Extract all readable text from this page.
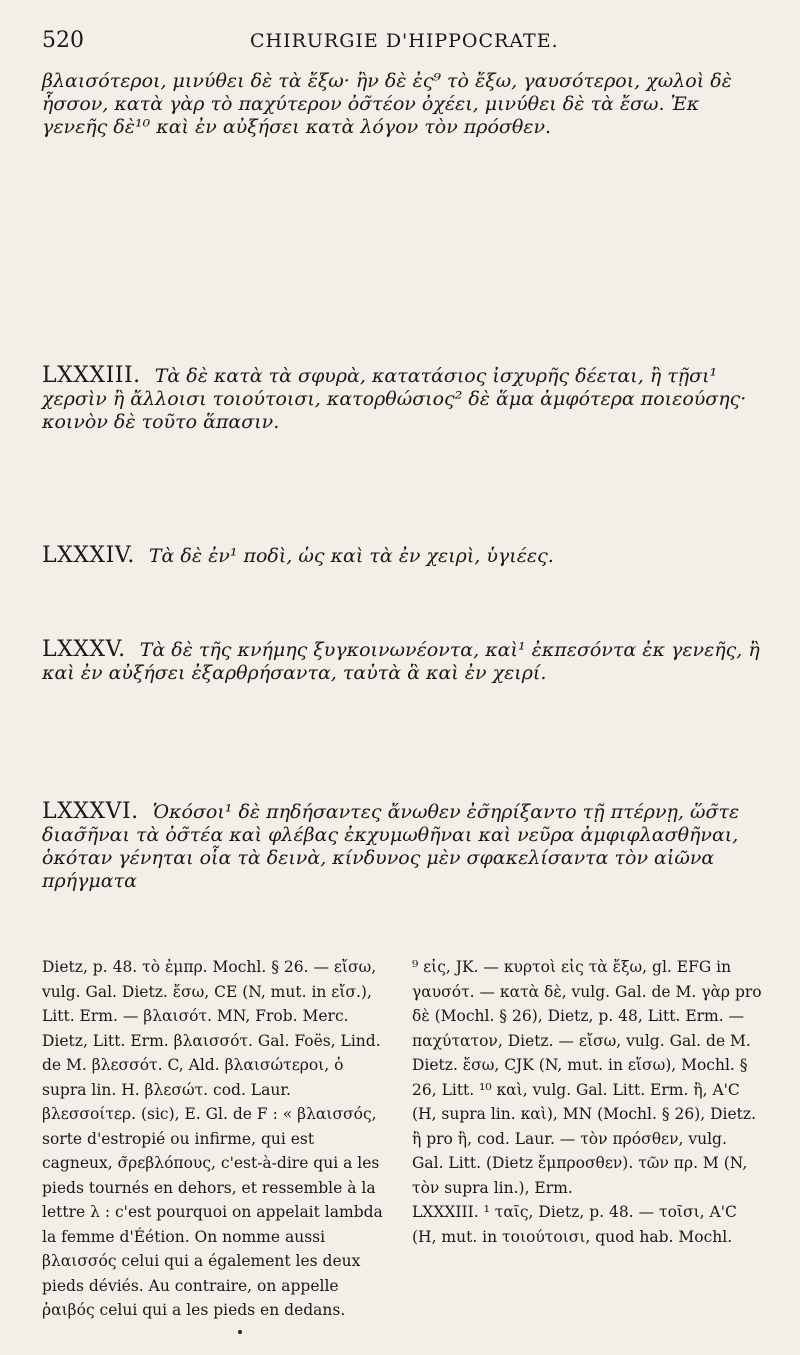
520	CHIRURGIE D'HIPPOCRATE.

βλαισότεροι, μινύθει δὲ τὰ ἔξω· ἢν δὲ ἐς⁹ τὸ ἔξω, γαυσότεροι, χωλοὶ δὲ ἧσσον, κατὰ γὰρ τὸ παχύτερον ὀσ̃τέον ὀχέει, μινύθει δὲ τὰ ἔσω. Ἐκ γενεῆς δὲ¹⁰ καὶ ἐν αὐξήσει κατὰ λόγον τὸν πρόσθεν.

LXXXIII. Τὰ δὲ κατὰ τὰ σφυρὰ, κατατάσιος ἰσχυρῆς δέεται, ἢ τῇσι¹ χερσὶν ἢ ἄλλοισι τοιούτοισι, κατορθώσιος² δὲ ἅμα ἀμφότερα ποιεούσης· κοινὸν δὲ τοῦτο ἅπασιν.

LXXXIV. Τὰ δὲ ἐν¹ ποδὶ, ὡς καὶ τὰ ἐν χειρὶ, ὑγιέες.

LXXXV. Τὰ δὲ τῆς κνήμης ξυγκοινωνέοντα, καὶ¹ ἐκπεσόντα ἐκ γενεῆς, ἢ καὶ ἐν αὐξήσει ἐξαρθρήσαντα, ταὐτὰ ἃ καὶ ἐν χειρί.

LXXXVI. Ὁκόσοι¹ δὲ πηδήσαντες ἄνωθεν ἐσ̃ηρίξαντο τῇ πτέρνῃ, ὥσ̃τε διασ̃ῆναι τὰ ὀσ̃τέα καὶ φλέβας ἐκχυμωθῆναι καὶ νεῦρα ἀμφιφλασθῆναι, ὁκόταν γένηται οἷα τὰ δεινὰ, κίνδυνος μὲν σφακελίσαντα τὸν αἰῶνα πρήγματα

Dietz, p. 48. τὸ ἐμπρ. Mochl. § 26. — εἴσω, vulg. Gal. Dietz. ἔσω, CE (N, mut. in εἴσ.), Litt. Erm. — βλαισότ. MN, Frob. Merc. Dietz, Litt. Erm. βλαισσότ. Gal. Foës, Lind. de M. βλεσσότ. C, Ald. βλαισώτεροι, ὁ supra lin. H. βλεσώτ. cod. Laur. βλεσσοίτερ. (sic), E. Gl. de F : « βλαισσός, sorte d'estropié ou infirme, qui est cagneux, σ̃ρεβλόπους, c'est-à-dire qui a les pieds tournés en dehors, et ressemble à la lettre λ : c'est pourquoi on appelait lambda la femme d'Éétion. On nomme aussi βλαισσός celui qui a également les deux pieds déviés. Au contraire, on appelle ῥαιβός celui qui a les pieds en dedans.

⁹ εἰς, JK. — κυρτοὶ εἰς τὰ ἔξω, gl. EFG in γαυσότ. — κατὰ δὲ, vulg. Gal. de M. γὰρ pro δὲ (Mochl. § 26), Dietz, p. 48, Litt. Erm. — παχύτατον, Dietz. — εἴσω, vulg. Gal. de M. Dietz. ἔσω, CJK (N, mut. in εἴσω), Mochl. § 26, Litt. ¹⁰ καὶ, vulg. Gal. Litt. Erm. ἢ, A'C (H, supra lin. καὶ), MN (Mochl. § 26), Dietz. ἢ pro ἢ, cod. Laur. — τὸν πρόσθεν, vulg. Gal. Litt. (Dietz ἔμπροσθεν). τῶν πρ. M (N, τὸν supra lin.), Erm.

LXXXIII. ¹ ταῖς, Dietz, p. 48. — τοῖσι, A'C (H, mut. in τοιούτοισι, quod hab. Mochl.
